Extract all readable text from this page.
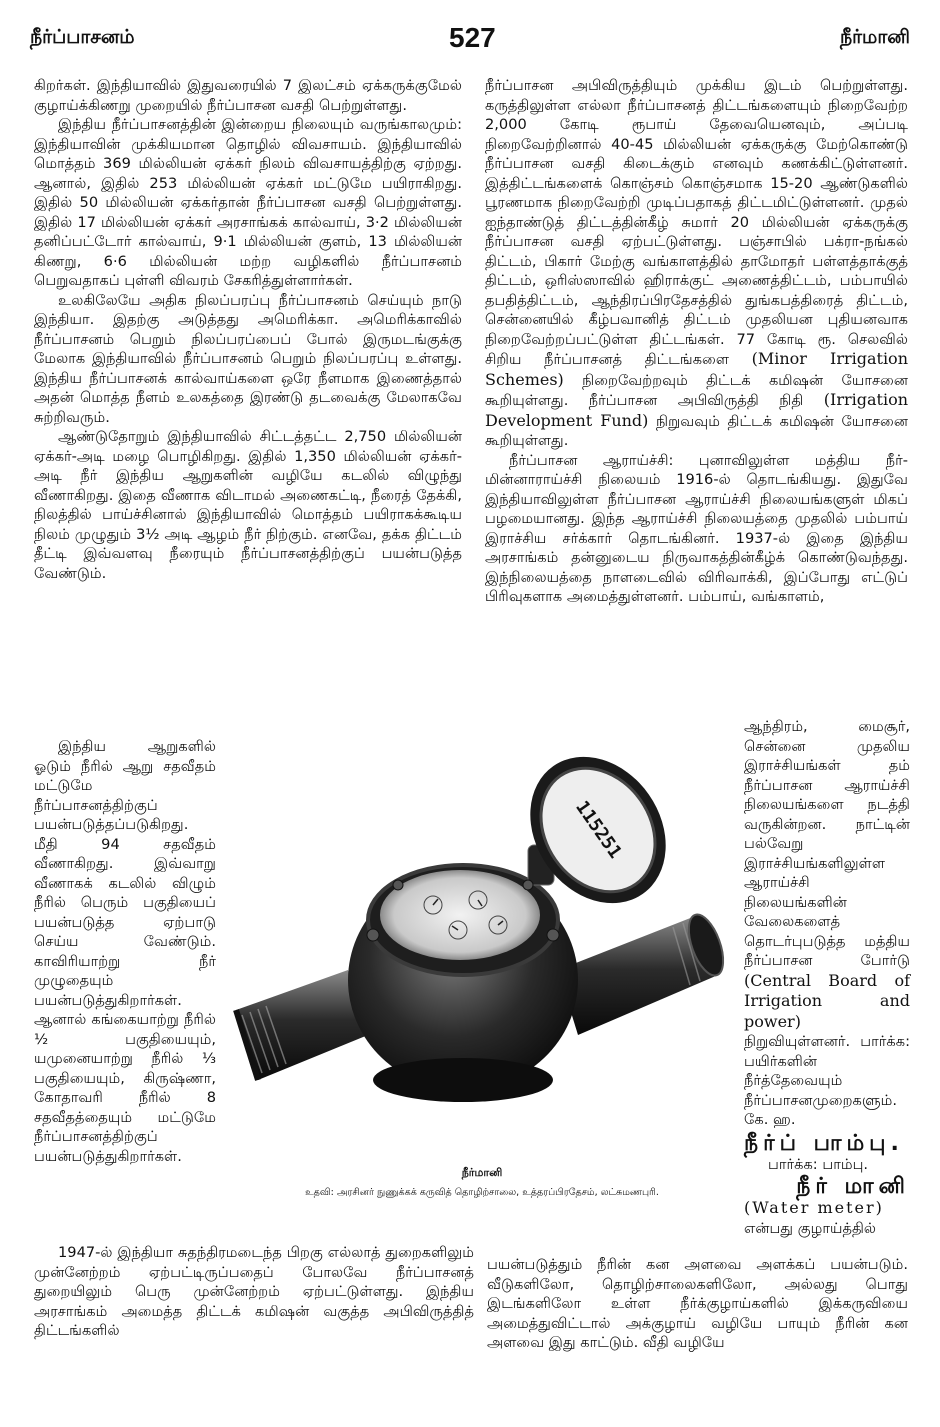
நீர்ப்பாசனம்	527	நீர்மானி

கிறர்கள். இந்தியாவில் இதுவரையில் 7 இலட்சம் ஏக்கருக்குமேல் குழாய்க்கிணறு முறையில் நீர்ப்பாசன வசதி பெற்றுள்ளது.

இந்திய நீர்ப்பாசனத்தின் இன்றைய நிலையும் வருங்காலமும்: இந்தியாவின் முக்கியமான தொழில் விவசாயம். இந்தியாவில் மொத்தம் 369 மில்லியன் ஏக்கர் நிலம் விவசாயத்திற்கு ஏற்றது. ஆனால், இதில் 253 மில்லியன் ஏக்கர் மட்டுமே பயிராகிறது. இதில் 50 மில்லியன் ஏக்கர்தான் நீர்ப்பாசன வசதி பெற்றுள்ளது. இதில் 17 மில்லியன் ஏக்கர் அரசாங்கக் கால்வாய், 3·2 மில்லியன் தனிப்பட்டோர் கால்வாய், 9·1 மில்லியன் குளம், 13 மில்லியன் கிணறு, 6·6 மில்லியன் மற்ற வழிகளில் நீர்ப்பாசனம் பெறுவதாகப் புள்ளி விவரம் சேகரித்துள்ளார்கள்.

உலகிலேயே அதிக நிலப்பரப்பு நீர்ப்பாசனம் செய்யும் நாடு இந்தியா. இதற்கு அடுத்தது அமெரிக்கா. அமெரிக்காவில் நீர்ப்பாசனம் பெறும் நிலப்பரப்பைப் போல் இருமடங்குக்கு மேலாக இந்தியாவில் நீர்ப்பாசனம் பெறும் நிலப்பரப்பு உள்ளது. இந்திய நீர்ப்பாசனக் கால்வாய்களை ஒரே நீளமாக இணைத்தால் அதன் மொத்த நீளம் உலகத்தை இரண்டு தடவைக்கு மேலாகவே சுற்றிவரும்.

ஆண்டுதோறும் இந்தியாவில் சிட்டத்தட்ட 2,750 மில்லியன் ஏக்கர்-அடி மழை பொழிகிறது. இதில் 1,350 மில்லியன் ஏக்கர்-அடி நீர் இந்திய ஆறுகளின் வழியே கடலில் விழுந்து வீணாகிறது. இதை வீணாக விடாமல் அணைகட்டி, நீரைத் தேக்கி, நிலத்தில் பாய்ச்சினால் இந்தியாவில் மொத்தம் பயிராகக்கூடிய நிலம் முழுதும் 3½ அடி ஆழம் நீர் நிற்கும். எனவே, தக்க திட்டம் தீட்டி இவ்வளவு நீரையும் நீர்ப்பாசனத்திற்குப் பயன்படுத்த வேண்டும்.

இந்திய ஆறுகளில் ஓடும் நீரில் ஆறு சதவீதம் மட்டுமே நீர்ப்பாசனத்திற்குப் பயன்படுத்தப்படுகிறது. மீதி 94 சதவீதம் வீணாகிறது. இவ்வாறு வீணாகக் கடலில் விழும் நீரில் பெரும் பகுதியைப் பயன்படுத்த ஏற்பாடு செய்ய வேண்டும். காவிரியாற்று நீர் முழுதையும் பயன்படுத்துகிறார்கள். ஆனால் கங்கையாற்று நீரில் ½ பகுதியையும், யமுனையாற்று நீரில் ⅓ பகுதியையும், கிருஷ்ணா, கோதாவரி நீரில் 8 சதவீதத்தையும் மட்டுமே நீர்ப்பாசனத்திற்குப் பயன்படுத்துகிறார்கள்.

1947-ல் இந்தியா சுதந்திரமடைந்த பிறகு எல்லாத் துறைகளிலும் முன்னேற்றம் ஏற்பட்டிருப்பதைப் போலவே நீர்ப்பாசனத் துறையிலும் பெரு முன்னேற்றம் ஏற்பட்டுள்ளது. இந்திய அரசாங்கம் அமைத்த திட்டக் கமிஷன் வகுத்த அபிவிருத்தித் திட்டங்களில்

நீர்ப்பாசன அபிவிருத்தியும் முக்கிய இடம் பெற்றுள்ளது. கருத்திலுள்ள எல்லா நீர்ப்பாசனத் திட்டங்களையும் நிறைவேற்ற 2,000 கோடி ரூபாய் தேவையெனவும், அப்படி நிறைவேற்றினால் 40-45 மில்லியன் ஏக்கருக்கு மேற்கொண்டு நீர்ப்பாசன வசதி கிடைக்கும் எனவும் கணக்கிட்டுள்ளனர். இத்திட்டங்களைக் கொஞ்சம் கொஞ்சமாக 15-20 ஆண்டுகளில் பூரணமாக நிறைவேற்றி முடிப்பதாகத் திட்டமிட்டுள்ளனர். முதல் ஐந்தாண்டுத் திட்டத்தின்கீழ் சுமார் 20 மில்லியன் ஏக்கருக்கு நீர்ப்பாசன வசதி ஏற்பட்டுள்ளது. பஞ்சாபில் பக்ரா-நங்கல் திட்டம், பிகார் மேற்கு வங்காளத்தில் தாமோதர் பள்ளத்தாக்குத் திட்டம், ஒரிஸ்ஸாவில் ஹிராக்குட் அணைத்திட்டம், பம்பாயில் தபதித்திட்டம், ஆந்திரப்பிரதேசத்தில் துங்கபத்திரைத் திட்டம், சென்னையில் கீழ்பவானித் திட்டம் முதலியன புதியனவாக நிறைவேற்றப்பட்டுள்ள திட்டங்கள். 77 கோடி ரூ. செலவில் சிறிய நீர்ப்பாசனத் திட்டங்களை (Minor Irrigation Schemes) நிறைவேற்றவும் திட்டக் கமிஷன் யோசனை கூறியுள்ளது. நீர்ப்பாசன அபிவிருத்தி நிதி (Irrigation Development Fund) நிறுவவும் திட்டக் கமிஷன் யோசனை கூறியுள்ளது.

நீர்ப்பாசன ஆராய்ச்சி: புனாவிலுள்ள மத்திய நீர்-மின்னாராய்ச்சி நிலையம் 1916-ல் தொடங்கியது. இதுவே இந்தியாவிலுள்ள நீர்ப்பாசன ஆராய்ச்சி நிலையங்களுள் மிகப் பழமையானது. இந்த ஆராய்ச்சி நிலையத்தை முதலில் பம்பாய் இராச்சிய சர்க்கார் தொடங்கினர். 1937-ல் இதை இந்திய அரசாங்கம் தன்னுடைய நிருவாகத்தின்கீழ்க் கொண்டுவந்தது. இந்நிலையத்தை நாளடைவில் விரிவாக்கி, இப்போது எட்டுப் பிரிவுகளாக அமைத்துள்ளனர். பம்பாய், வங்காளம்,

ஆந்திரம், மைசூர், சென்னை முதலிய இராச்சியங்கள் தம் நீர்ப்பாசன ஆராய்ச்சி நிலையங்களை நடத்தி வருகின்றன. நாட்டின் பல்வேறு இராச்சியங்களிலுள்ள ஆராய்ச்சி நிலையங்களின் வேலைகளைத் தொடர்புபடுத்த மத்திய நீர்ப்பாசன போர்டு (Central Board of Irrigation and power) நிறுவியுள்ளனர். பார்க்க: பயிர்களின் நீர்த்தேவையும் நீர்ப்பாசனமுறைகளும். கே. ஹ.

நீர்ப் பாம்பு.

பார்க்க: பாம்பு.

நீர் மானி

(Water meter)

என்பது குழாய்த்தில்

பயன்படுத்தும் நீரின் கன அளவை அளக்கப் பயன்படும். வீடுகளிலோ, தொழிற்சாலைகளிலோ, அல்லது பொது இடங்களிலோ உள்ள நீர்க்குழாய்களில் இக்கருவியை அமைத்துவிட்டால் அக்குழாய் வழியே பாயும் நீரின் கன அளவை இது காட்டும். வீதி வழியே

115251
நீர்மானி
உதவி: அரசினர் நுணுக்கக் கருவித் தொழிற்சாலை, உத்தரப்பிரதேசம், லட்சுமணபுரி.
